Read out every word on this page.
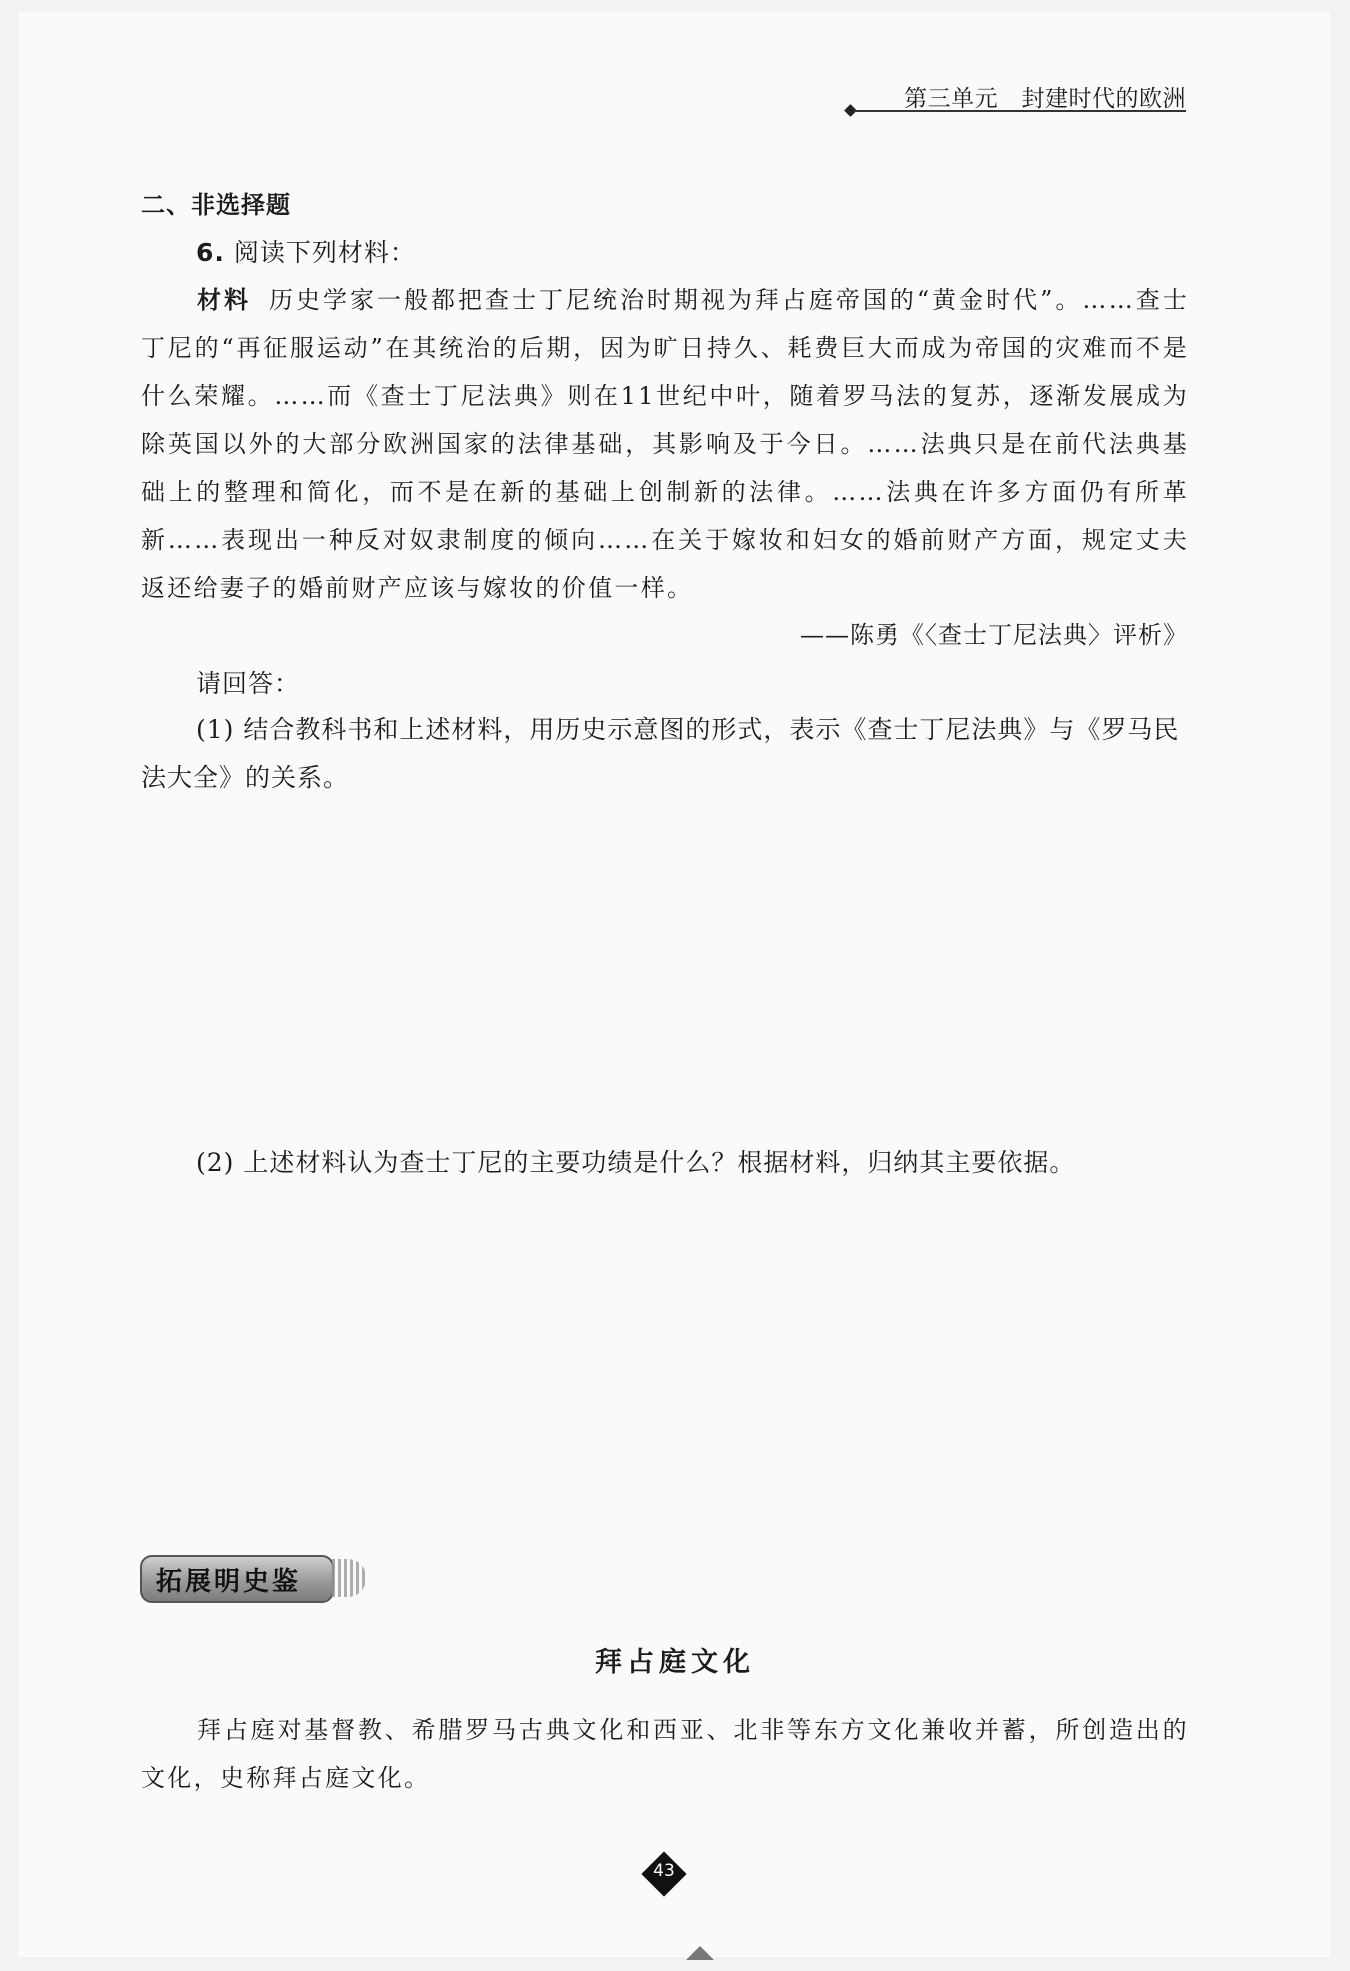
第三单元   封建时代的欧洲
二、非选择题
6. 阅读下列材料：

材料 历史学家一般都把查士丁尼统治时期视为拜占庭帝国的“黄金时代”。……查士丁尼的“再征服运动”在其统治的后期，因为旷日持久、耗费巨大而成为帝国的灾难而不是什么荣耀。……而《查士丁尼法典》则在11世纪中叶，随着罗马法的复苏，逐渐发展成为除英国以外的大部分欧洲国家的法律基础，其影响及于今日。……法典只是在前代法典基础上的整理和简化，而不是在新的基础上创制新的法律。……法典在许多方面仍有所革新……表现出一种反对奴隶制度的倾向……在关于嫁妆和妇女的婚前财产方面，规定丈夫返还给妻子的婚前财产应该与嫁妆的价值一样。

——陈勇《〈查士丁尼法典〉评析》
请回答：

(1) 结合教科书和上述材料，用历史示意图的形式，表示《查士丁尼法典》与《罗马民法大全》的关系。

(2) 上述材料认为查士丁尼的主要功绩是什么？根据材料，归纳其主要依据。
拓展明史鉴
拜占庭文化

拜占庭对基督教、希腊罗马古典文化和西亚、北非等东方文化兼收并蓄，所创造出的文化，史称拜占庭文化。

43
